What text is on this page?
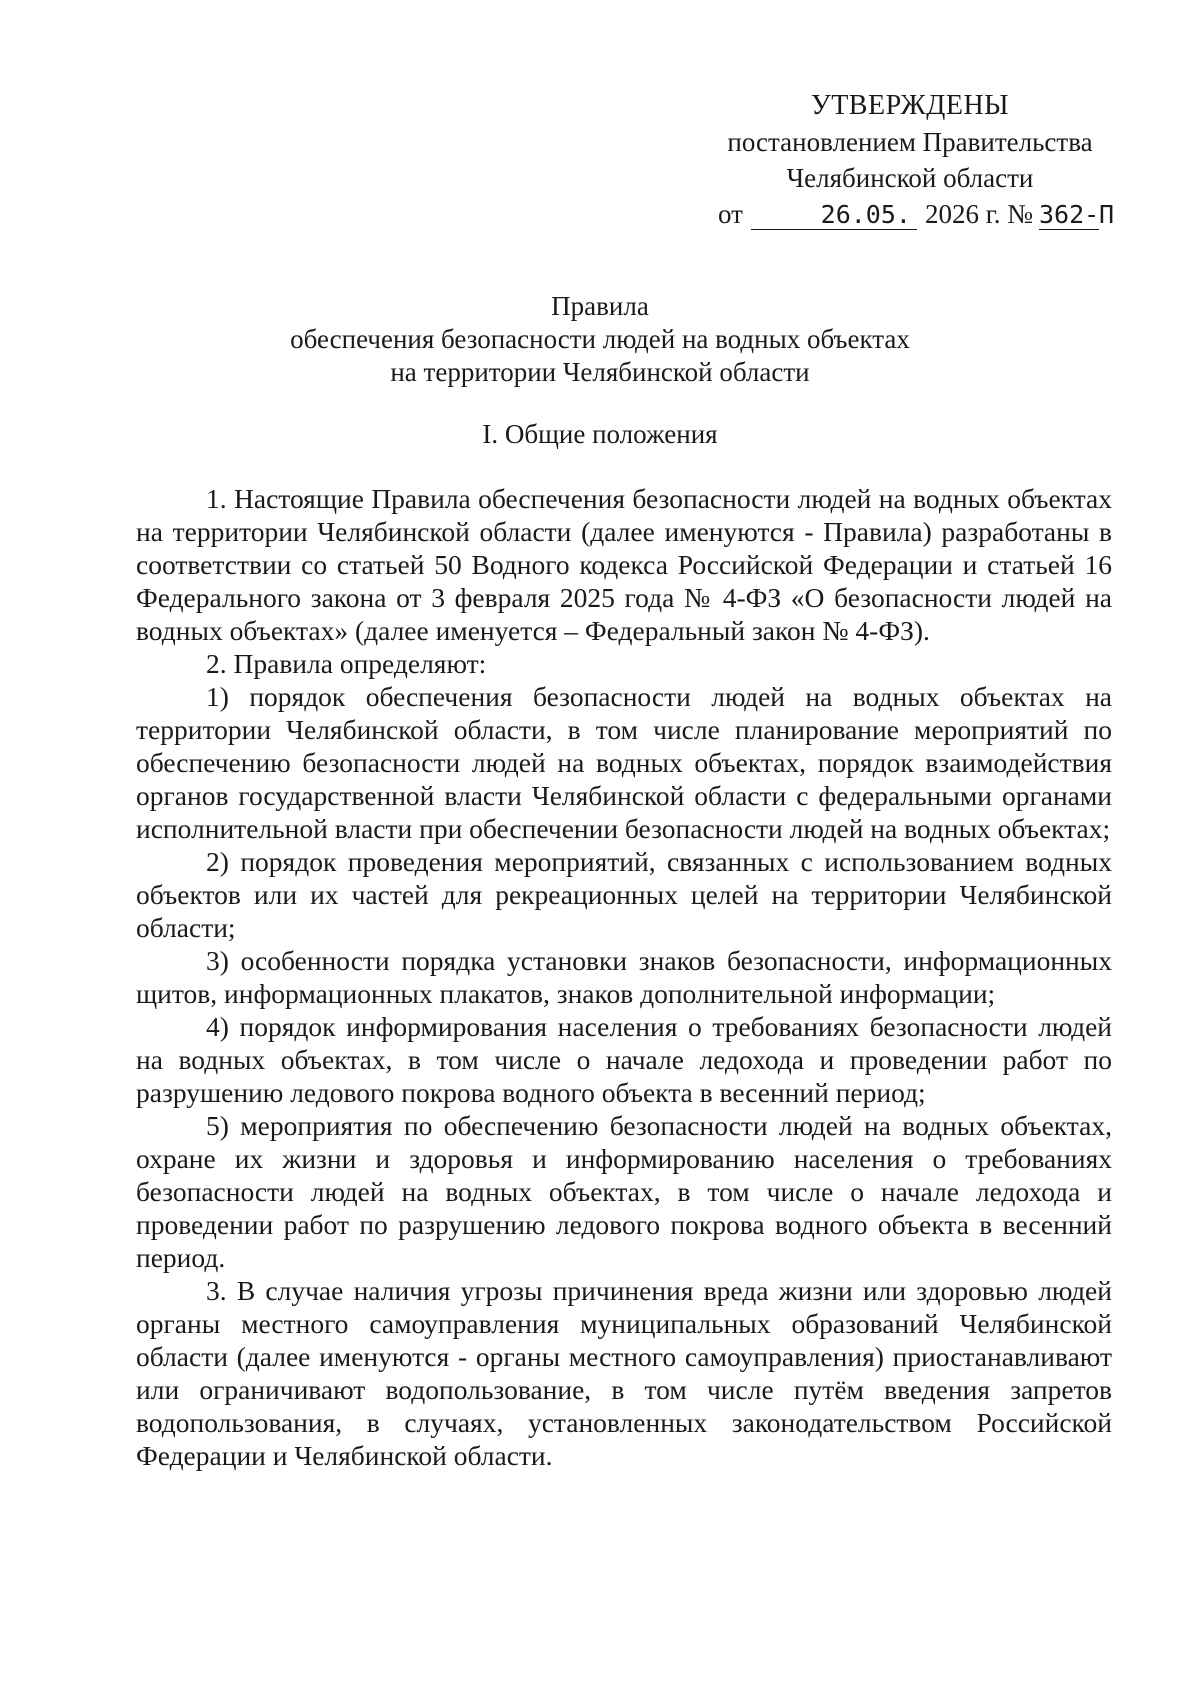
УТВЕРЖДЕНЫ
постановлением Правительства
Челябинской области
от	26.05. 2026 г. № 362-П
Правила
обеспечения безопасности людей на водных объектах
на территории Челябинской области
I. Общие положения

1. Настоящие Правила обеспечения безопасности людей на водных объектах на территории Челябинской области (далее именуются - Правила) разработаны в соответствии со статьей 50 Водного кодекса Российской Федерации и статьей 16 Федерального закона от 3 февраля 2025 года № 4-ФЗ «О безопасности людей на водных объектах» (далее именуется – Федеральный закон № 4-ФЗ).

2. Правила определяют:

1) порядок обеспечения безопасности людей на водных объектах на территории Челябинской области, в том числе планирование мероприятий по обеспечению безопасности людей на водных объектах, порядок взаимодействия органов государственной власти Челябинской области с федеральными органами исполнительной власти при обеспечении безопасности людей на водных объектах;

2) порядок проведения мероприятий, связанных с использованием водных объектов или их частей для рекреационных целей на территории Челябинской области;

3) особенности порядка установки знаков безопасности, информационных щитов, информационных плакатов, знаков дополнительной информации;

4) порядок информирования населения о требованиях безопасности людей на водных объектах, в том числе о начале ледохода и проведении работ по разрушению ледового покрова водного объекта в весенний период;

5) мероприятия по обеспечению безопасности людей на водных объектах, охране их жизни и здоровья и информированию населения о требованиях безопасности людей на водных объектах, в том числе о начале ледохода и проведении работ по разрушению ледового покрова водного объекта в весенний период.

3. В случае наличия угрозы причинения вреда жизни или здоровью людей органы местного самоуправления муниципальных образований Челябинской области (далее именуются - органы местного самоуправления) приостанавливают или ограничивают водопользование, в том числе путём введения запретов водопользования, в случаях, установленных законодательством Российской Федерации и Челябинской области.
